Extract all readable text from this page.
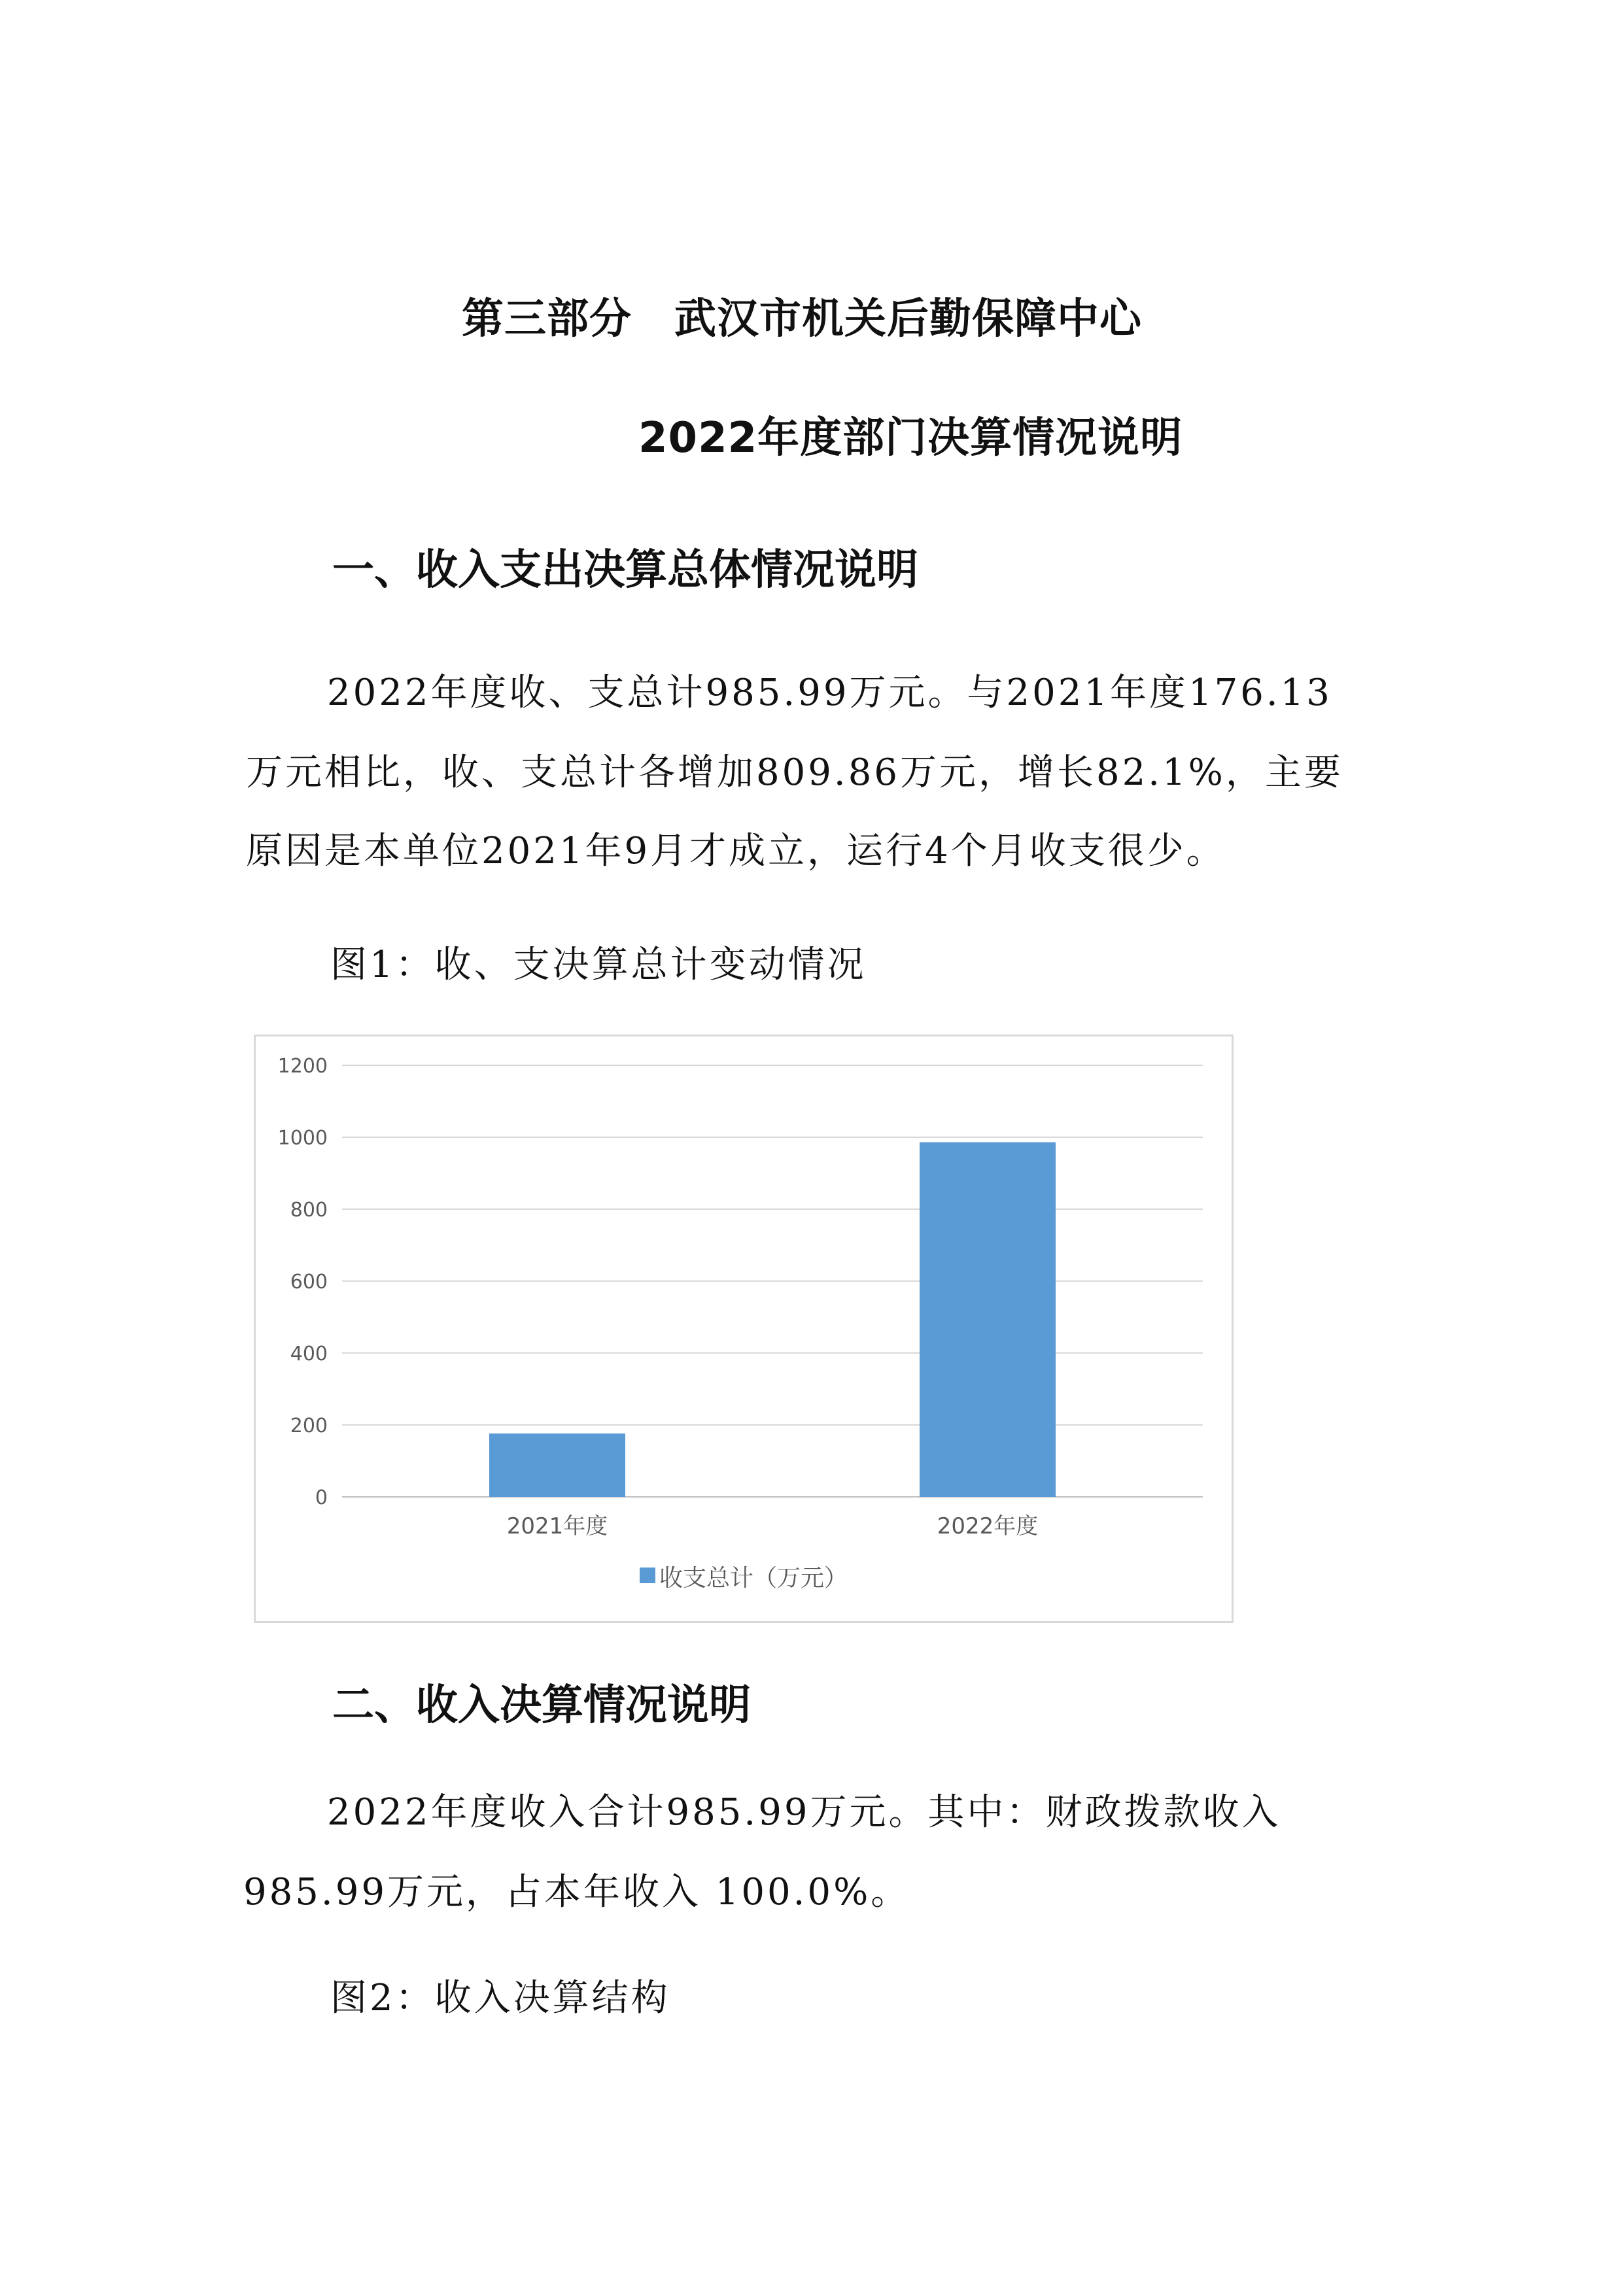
第三部分　武汉市机关后勤保障中心
2022年度部门决算情况说明
一、收入支出决算总体情况说明
2022年度收、支总计985.99万元。与2021年度176.13
万元相比，收、支总计各增加809.86万元，增长82.1%，主要
原因是本单位2021年9月才成立，运行4个月收支很少。
图1：收、支决算总计变动情况
0
200
400
600
800
1000
1200
2021年度	2022年度
收支总计（万元）
二、收入决算情况说明
2022年度收入合计985.99万元。其中：财政拨款收入
985.99万元，占本年收入 100.0%。
图2：收入决算结构
